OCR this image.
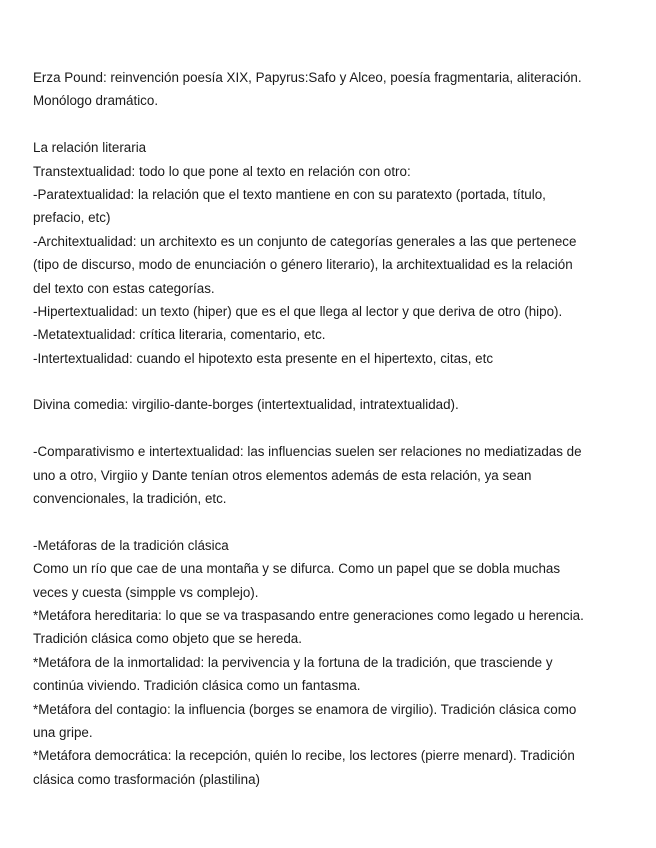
Erza Pound: reinvención poesía XIX, Papyrus:Safo y Alceo, poesía fragmentaria, aliteración.
Monólogo dramático.
La relación literaria
Transtextualidad: todo lo que pone al texto en relación con otro:
-Paratextualidad: la relación que el texto mantiene en con su paratexto (portada, título,
prefacio, etc)
-Architextualidad: un architexto es un conjunto de categorías generales a las que pertenece
(tipo de discurso, modo de enunciación o género literario), la architextualidad es la relación
del texto con estas categorías.
-Hipertextualidad: un texto (hiper) que es el que llega al lector y que deriva de otro (hipo).
-Metatextualidad: crítica literaria, comentario, etc.
-Intertextualidad: cuando el hipotexto esta presente en el hipertexto, citas, etc
Divina comedia: virgilio-dante-borges (intertextualidad, intratextualidad).
-Comparativismo e intertextualidad: las influencias suelen ser relaciones no mediatizadas de
uno a otro, Virgiio y Dante tenían otros elementos además de esta relación, ya sean
convencionales, la tradición, etc.
-Metáforas de la tradición clásica
Como un río que cae de una montaña y se difurca. Como un papel que se dobla muchas
veces y cuesta (simpple vs complejo).
*Metáfora hereditaria: lo que se va traspasando entre generaciones como legado u herencia.
Tradición clásica como objeto que se hereda.
*Metáfora de la inmortalidad: la pervivencia y la fortuna de la tradición, que trasciende y
continúa viviendo. Tradición clásica como un fantasma.
*Metáfora del contagio: la influencia (borges se enamora de virgilio). Tradición clásica como
una gripe.
*Metáfora democrática: la recepción, quién lo recibe, los lectores (pierre menard). Tradición
clásica como trasformación (plastilina)
